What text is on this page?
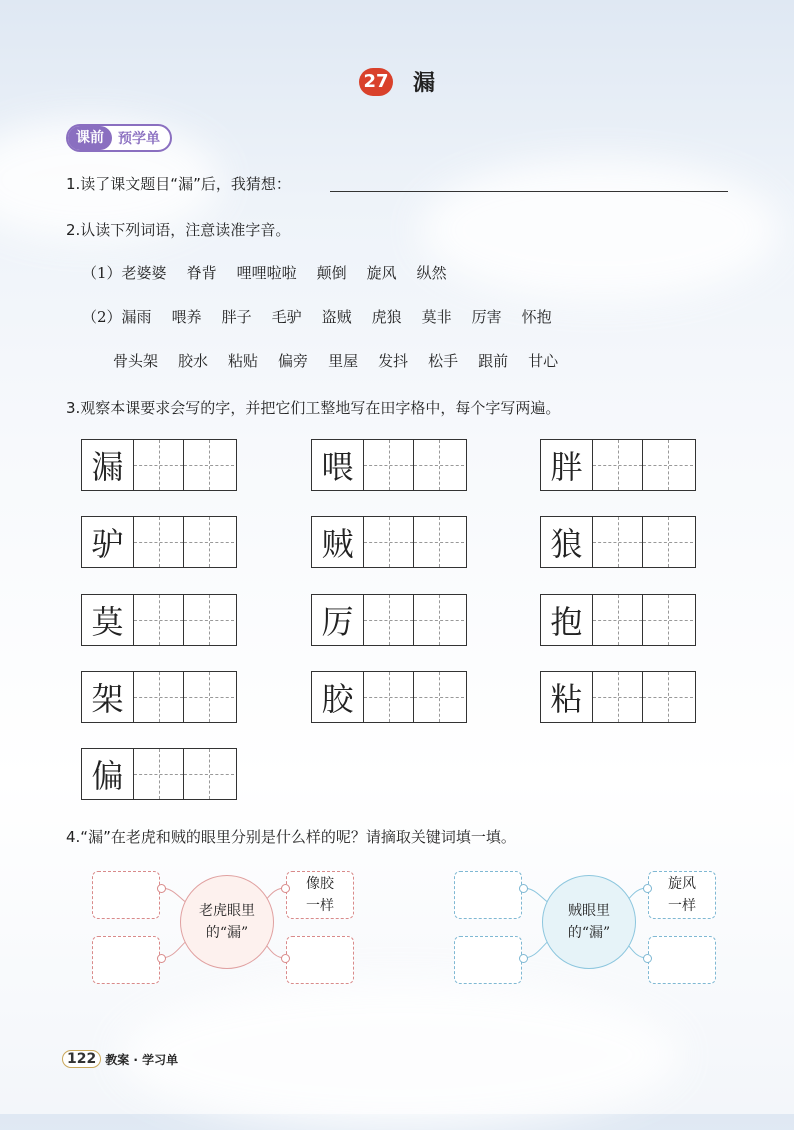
27 漏
课前	预学单
1.读了课文题目“漏”后，我猜想：
2.认读下列词语，注意读准字音。
（1）老婆婆 脊背 哩哩啦啦 颠倒 旋风 纵然
（2）漏雨 喂养 胖子 毛驴 盗贼 虎狼 莫非 厉害 怀抱
骨头架 胶水 粘贴 偏旁 里屋 发抖 松手 跟前 甘心
3.观察本课要求会写的字，并把它们工整地写在田字格中，每个字写两遍。
漏	喂	胖
驴	贼	狼
莫	厉	抱
架	胶	粘
偏
4.“漏”在老虎和贼的眼里分别是什么样的呢？请摘取关键词填一填。
像胶
一样
老虎眼里
的“漏”
旋风
一样
贼眼里
的“漏”
122 教案 · 学习单
